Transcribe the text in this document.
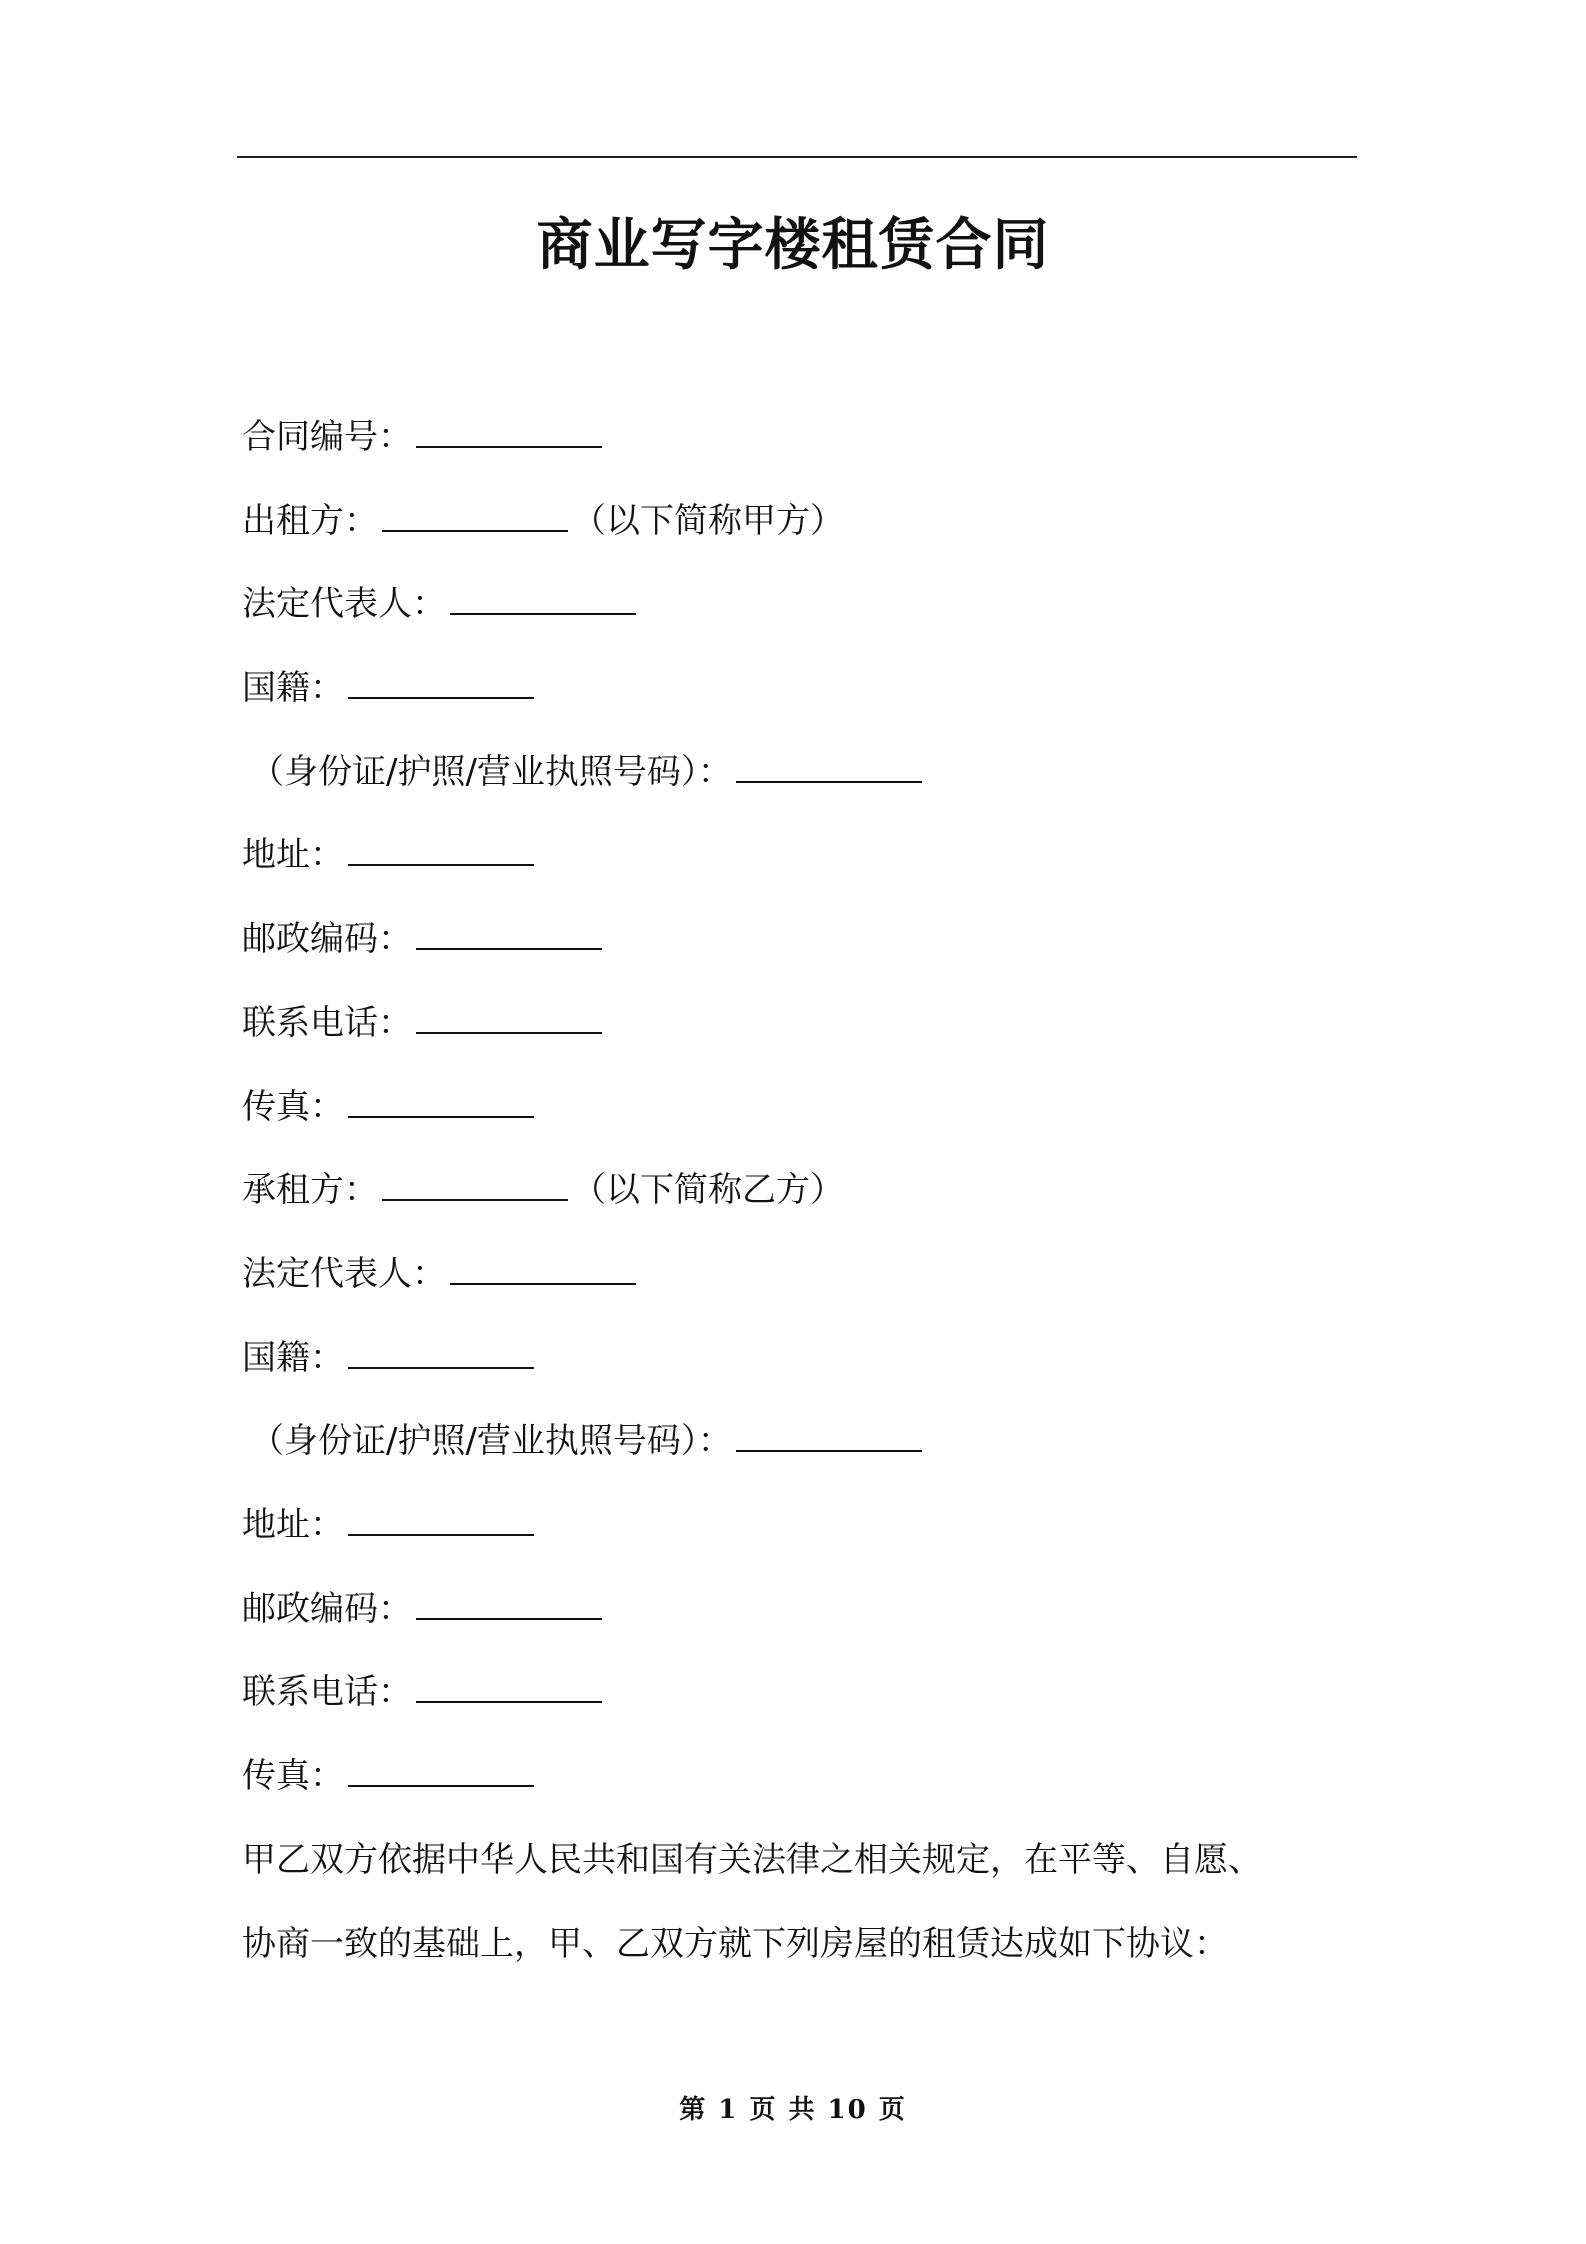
商业写字楼租赁合同
合同编号：
出租方：	（以下简称甲方）
法定代表人：
国籍：
（身份证/护照/营业执照号码）：
地址：
邮政编码：
联系电话：
传真：
承租方：	（以下简称乙方）
法定代表人：
国籍：
（身份证/护照/营业执照号码）：
地址：
邮政编码：
联系电话：
传真：
甲乙双方依据中华人民共和国有关法律之相关规定，在平等、自愿、
协商一致的基础上，甲、乙双方就下列房屋的租赁达成如下协议：
第 1 页 共 10 页
